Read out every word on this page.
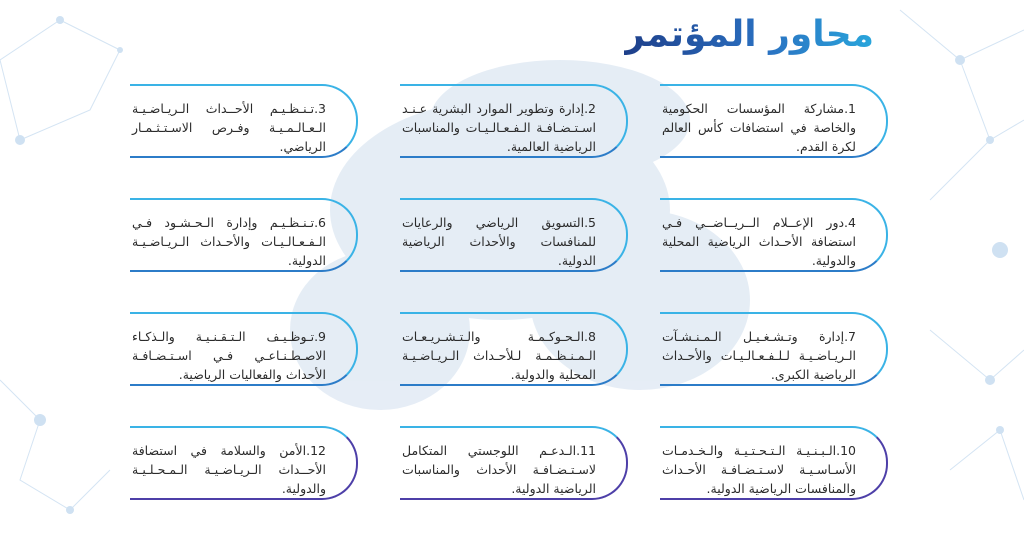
محاور المؤتمر
1.مشاركة المؤسسات الحكومية والخاصة في استضافات كأس العالم لكرة القدم.
2.إدارة وتطوير الموارد البشرية عـنـد اسـتـضـافـة الـفـعـالـيـات والمناسبات الرياضية العالمية.
3.تـنـظـيـم الأحــداث الـريـاضـيـة الـعـالـمـيـة وفـرص الاسـتـثـمـار الرياضي.
4.دور الإعــلام الــريــاضــي فـي استضافة الأحـداث الرياضية المحلية والدولية.
5.التسويق الرياضي والرعايات للمنافسات والأحداث الرياضية الدولية.
6.تـنـظـيـم وإدارة الـحـشـود فـي الـفـعـالـيـات والأحـداث الـريـاضـيـة الدولية.
7.إدارة وتـشـغـيـل الـمـنـشـآت الـريـاضـيـة لـلـفـعـالـيـات والأحـداث الرياضية الكبرى.
8.الـحـوكـمـة والـتـشـريـعـات الـمـنـظـمـة لـلأحـداث الـريـاضـيـة المحلية والدولية.
9.تـوظـيـف الـتـقـنـيـة والـذكـاء الاصـطـنـاعـي فـي اسـتـضـافـة الأحداث والفعاليات الرياضية.
10.الـبـنـيـة الـتـحـتـيـة والـخـدمـات الأسـاسـيـة لاسـتـضـافـة الأحـداث والمنافسات الرياضية الدولية.
11.الـدعـم اللوجستي المتكامل لاسـتـضـافـة الأحداث والمناسبات الرياضية الدولية.
12.الأمن والسلامة في استضافة الأحــداث الـريـاضـيـة الـمـحـلـيـة والدولية.
